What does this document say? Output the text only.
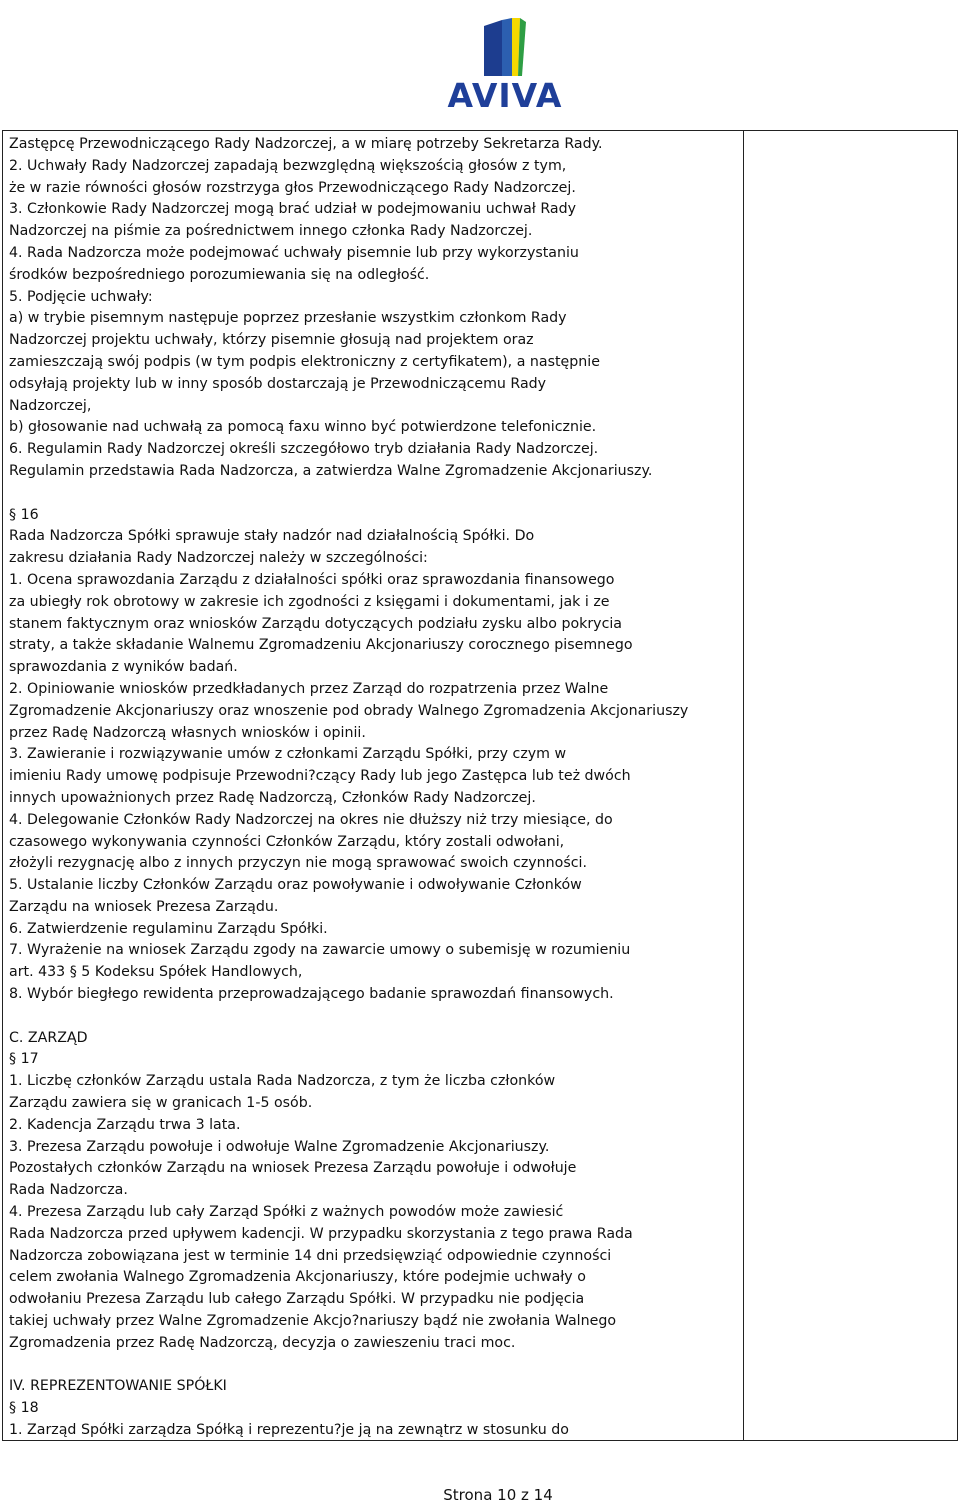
AVIVA
Zastępcę Przewodniczącego Rady Nadzorczej, a w miarę potrzeby Sekretarza Rady.
2. Uchwały Rady Nadzorczej zapadają bezwzględną większością głosów z tym,
że w razie równości głosów rozstrzyga głos Przewodniczącego Rady Nadzorczej.
3. Członkowie Rady Nadzorczej mogą brać udział w podejmowaniu uchwał Rady
Nadzorczej na piśmie za pośrednictwem innego członka Rady Nadzorczej.
4. Rada Nadzorcza może podejmować uchwały pisemnie lub przy wykorzystaniu
środków bezpośredniego porozumiewania się na odległość.
5. Podjęcie uchwały:
a) w trybie pisemnym następuje poprzez przesłanie wszystkim członkom Rady
Nadzorczej projektu uchwały, którzy pisemnie głosują nad projektem oraz
zamieszczają swój podpis (w tym podpis elektroniczny z certyfikatem), a następnie
odsyłają projekty lub w inny sposób dostarczają je Przewodniczącemu Rady
Nadzorczej,
b) głosowanie nad uchwałą za pomocą faxu winno być potwierdzone telefonicznie.
6. Regulamin Rady Nadzorczej określi szczegółowo tryb działania Rady Nadzorczej.
Regulamin przedstawia Rada Nadzorcza, a zatwierdza Walne Zgromadzenie Akcjonariuszy.
§ 16
Rada Nadzorcza Spółki sprawuje stały nadzór nad działalnością Spółki. Do
zakresu działania Rady Nadzorczej należy w szczególności:
1. Ocena sprawozdania Zarządu z działalności spółki oraz sprawozdania finansowego
za ubiegły rok obrotowy w zakresie ich zgodności z księgami i dokumentami, jak i ze
stanem faktycznym oraz wniosków Zarządu dotyczących podziału zysku albo pokrycia
straty, a także składanie Walnemu Zgromadzeniu Akcjonariuszy corocznego pisemnego
sprawozdania z wyników badań.
2. Opiniowanie wniosków przedkładanych przez Zarząd do rozpatrzenia przez Walne
Zgromadzenie Akcjonariuszy oraz wnoszenie pod obrady Walnego Zgromadzenia Akcjonariuszy
przez Radę Nadzorczą własnych wniosków i opinii.
3. Zawieranie i rozwiązywanie umów z członkami Zarządu Spółki, przy czym w
imieniu Rady umowę podpisuje Przewodni?czący Rady lub jego Zastępca lub też dwóch
innych upoważnionych przez Radę Nadzorczą, Członków Rady Nadzorczej.
4. Delegowanie Członków Rady Nadzorczej na okres nie dłuższy niż trzy miesiące, do
czasowego wykonywania czynności Członków Zarządu, który zostali odwołani,
złożyli rezygnację albo z innych przyczyn nie mogą sprawować swoich czynności.
5. Ustalanie liczby Członków Zarządu oraz powoływanie i odwoływanie Członków
Zarządu na wniosek Prezesa Zarządu.
6. Zatwierdzenie regulaminu Zarządu Spółki.
7. Wyrażenie na wniosek Zarządu zgody na zawarcie umowy o subemisję w rozumieniu
art. 433 § 5 Kodeksu Spółek Handlowych,
8. Wybór biegłego rewidenta przeprowadzającego badanie sprawozdań finansowych.
C. ZARZĄD
§ 17
1. Liczbę członków Zarządu ustala Rada Nadzorcza, z tym że liczba członków
Zarządu zawiera się w granicach 1-5 osób.
2. Kadencja Zarządu trwa 3 lata.
3. Prezesa Zarządu powołuje i odwołuje Walne Zgromadzenie Akcjonariuszy.
Pozostałych członków Zarządu na wniosek Prezesa Zarządu powołuje i odwołuje
Rada Nadzorcza.
4. Prezesa Zarządu lub cały Zarząd Spółki z ważnych powodów może zawiesić
Rada Nadzorcza przed upływem kadencji. W przypadku skorzystania z tego prawa Rada
Nadzorcza zobowiązana jest w terminie 14 dni przedsięwziąć odpowiednie czynności
celem zwołania Walnego Zgromadzenia Akcjonariuszy, które podejmie uchwały o
odwołaniu Prezesa Zarządu lub całego Zarządu Spółki. W przypadku nie podjęcia
takiej uchwały przez Walne Zgromadzenie Akcjo?nariuszy bądź nie zwołania Walnego
Zgromadzenia przez Radę Nadzorczą, decyzja o zawieszeniu traci moc.
IV. REPREZENTOWANIE SPÓŁKI
§ 18
1. Zarząd Spółki zarządza Spółką i reprezentu?je ją na zewnątrz w stosunku do
Strona 10 z 14
